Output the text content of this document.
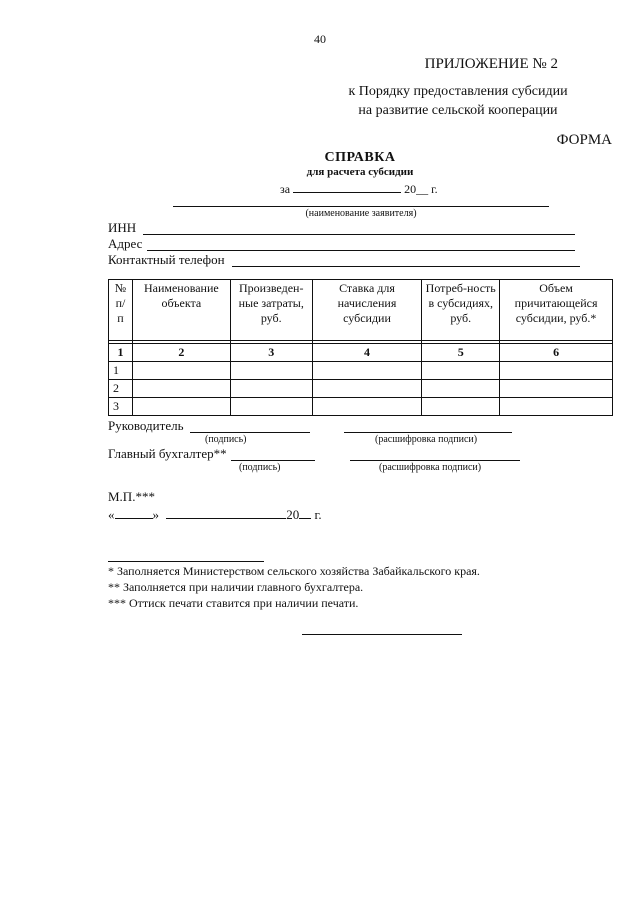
40
ПРИЛОЖЕНИЕ № 2
к Порядку предоставления субсидии
на развитие сельской кооперации
ФОРМА
СПРАВКА
для расчета субсидии
за	20__ г.
(наименование заявителя)
ИНН
Адрес
Контактный телефон
№ п/ п	Наименование объекта	Произведен-ные затраты, руб.	Ставка для начисления субсидии	Потреб-ность в субсидиях, руб.	Объем причитающейся субсидии, руб.*

1	2	3	4	5	6
1					
2					
3					
Руководитель
(подпись)	(расшифровка подписи)
Главный бухгалтер**
(подпись)	(расшифровка подписи)
М.П.***
«	»	20 г.
* Заполняется Министерством сельского хозяйства Забайкальского края.
** Заполняется при наличии главного бухгалтера.
*** Оттиск печати ставится при наличии печати.
